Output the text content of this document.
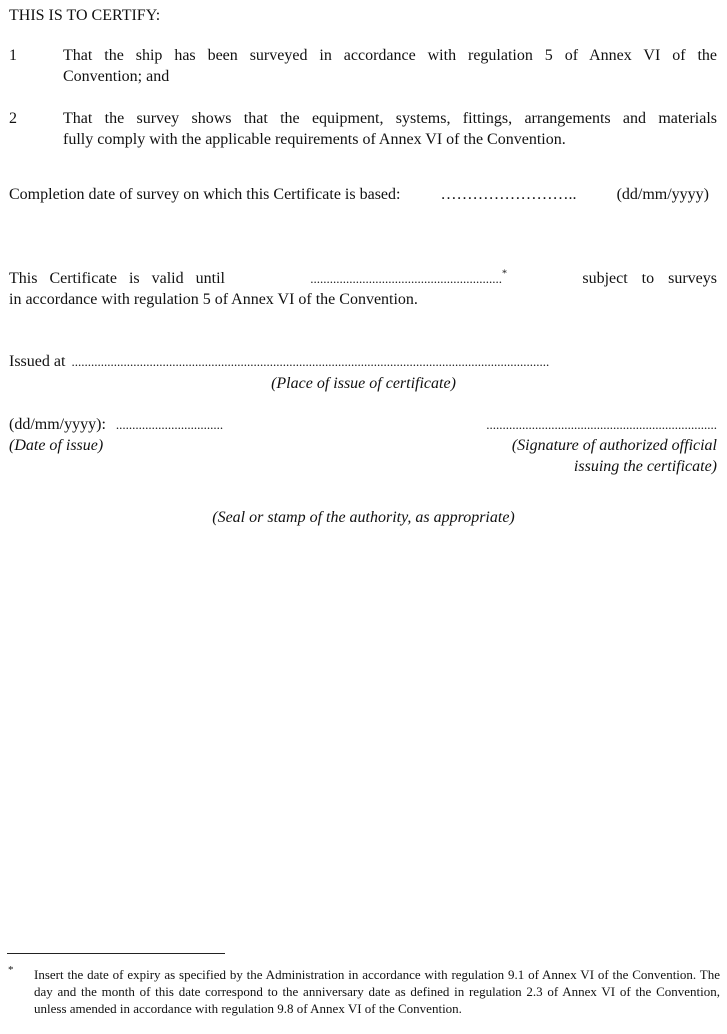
THIS IS TO CERTIFY:
1	That the ship has been surveyed in accordance with regulation 5 of Annex VI of the
Convention; and
2	That the survey shows that the equipment, systems, fittings, arrangements and materials
fully comply with the applicable requirements of Annex VI of the Convention.
Completion date of survey on which this Certificate is based:	……………………..	(dd/mm/yyyy)
This Certificate is valid until	...........................................................*	subject to surveys
in accordance with regulation 5 of Annex VI of the Convention.
Issued at ...................................................................................................................................................
(Place of issue of certificate)
(dd/mm/yyyy): .................................
(Date of issue)
.......................................................................
(Signature of authorized official
issuing the certificate)
(Seal or stamp of the authority, as appropriate)
* Insert the date of expiry as specified by the Administration in accordance with regulation 9.1 of Annex VI of the Convention. The day and the month of this date correspond to the anniversary date as defined in regulation 2.3 of Annex VI of the Convention, unless amended in accordance with regulation 9.8 of Annex VI of the Convention.
